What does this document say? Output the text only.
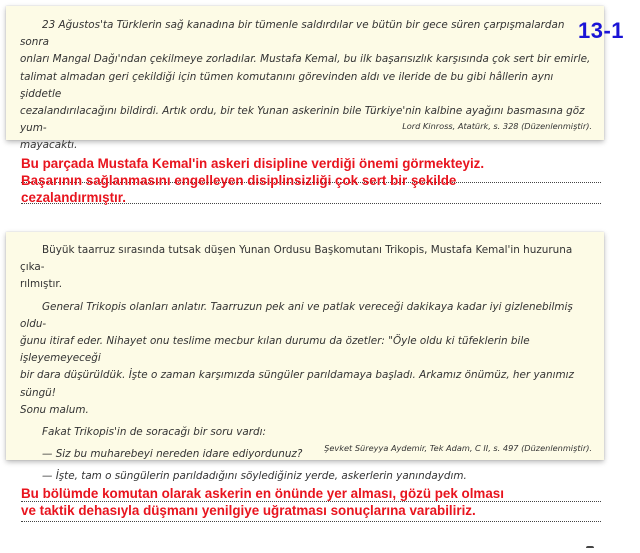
23 Ağustos'ta Türklerin sağ kanadına bir tümenle saldırdılar ve bütün bir gece süren çarpışmalardan sonra
onları Mangal Dağı'ndan çekilmeye zorladılar. Mustafa Kemal, bu ilk başarısızlık karşısında çok sert bir emirle,
talimat almadan geri çekildiği için tümen komutanını görevinden aldı ve ileride de bu gibi hâllerin aynı şiddetle
cezalandırılacağını bildirdi. Artık ordu, bir tek Yunan askerinin bile Türkiye'nin kalbine ayağını basmasına göz yum-
mayacaktı.

Lord Kinross, Atatürk, s. 328 (Düzenlenmiştir).
13-1

Bu parçada Mustafa Kemal'in askeri disipline verdiği önemi görmekteyiz.
Başarının sağlanmasını engelleyen disiplinsizliği çok sert bir şekilde
cezalandırmıştır.

Büyük taarruz sırasında tutsak düşen Yunan Ordusu Başkomutanı Trikopis, Mustafa Kemal'in huzuruna çıka-
rılmıştır.

General Trikopis olanları anlatır. Taarruzun pek ani ve patlak vereceği dakikaya kadar iyi gizlenebilmiş oldu-
ğunu itiraf eder. Nihayet onu teslime mecbur kılan durumu da özetler: "Öyle oldu ki tüfeklerin bile işleyemeyeceği
bir dara düşürüldük. İşte o zaman karşımızda süngüler parıldamaya başladı. Arkamız önümüz, her yanımız süngü!
Sonu malum.

Fakat Trikopis'in de soracağı bir soru vardı:

— Siz bu muharebeyi nereden idare ediyordunuz?

— İşte, tam o süngülerin parıldadığını söylediğiniz yerde, askerlerin yanındaydım.

Şevket Süreyya Aydemir, Tek Adam, C II, s. 497 (Düzenlenmiştir).

Bu bölümde komutan olarak askerin en önünde yer alması, gözü pek olması
ve taktik dehasıyla düşmanı yenilgiye uğratması sonuçlarına varabiliriz.
